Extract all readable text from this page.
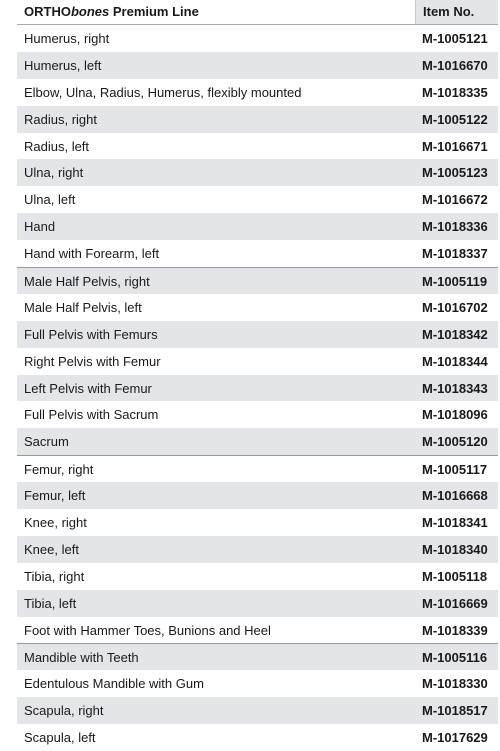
ORTHObones Premium Line	Item No.
Humerus, right	M-1005121
Humerus, left	M-1016670
Elbow, Ulna, Radius, Humerus, flexibly mounted	M-1018335
Radius, right	M-1005122
Radius, left	M-1016671
Ulna, right	M-1005123
Ulna, left	M-1016672
Hand	M-1018336
Hand with Forearm, left	M-1018337
Male Half Pelvis, right	M-1005119
Male Half Pelvis, left	M-1016702
Full Pelvis with Femurs	M-1018342
Right Pelvis with Femur	M-1018344
Left Pelvis with Femur	M-1018343
Full Pelvis with Sacrum	M-1018096
Sacrum	M-1005120
Femur, right	M-1005117
Femur, left	M-1016668
Knee, right	M-1018341
Knee, left	M-1018340
Tibia, right	M-1005118
Tibia, left	M-1016669
Foot with Hammer Toes, Bunions and Heel	M-1018339
Mandible with Teeth	M-1005116
Edentulous Mandible with Gum	M-1018330
Scapula, right	M-1018517
Scapula, left	M-1017629
